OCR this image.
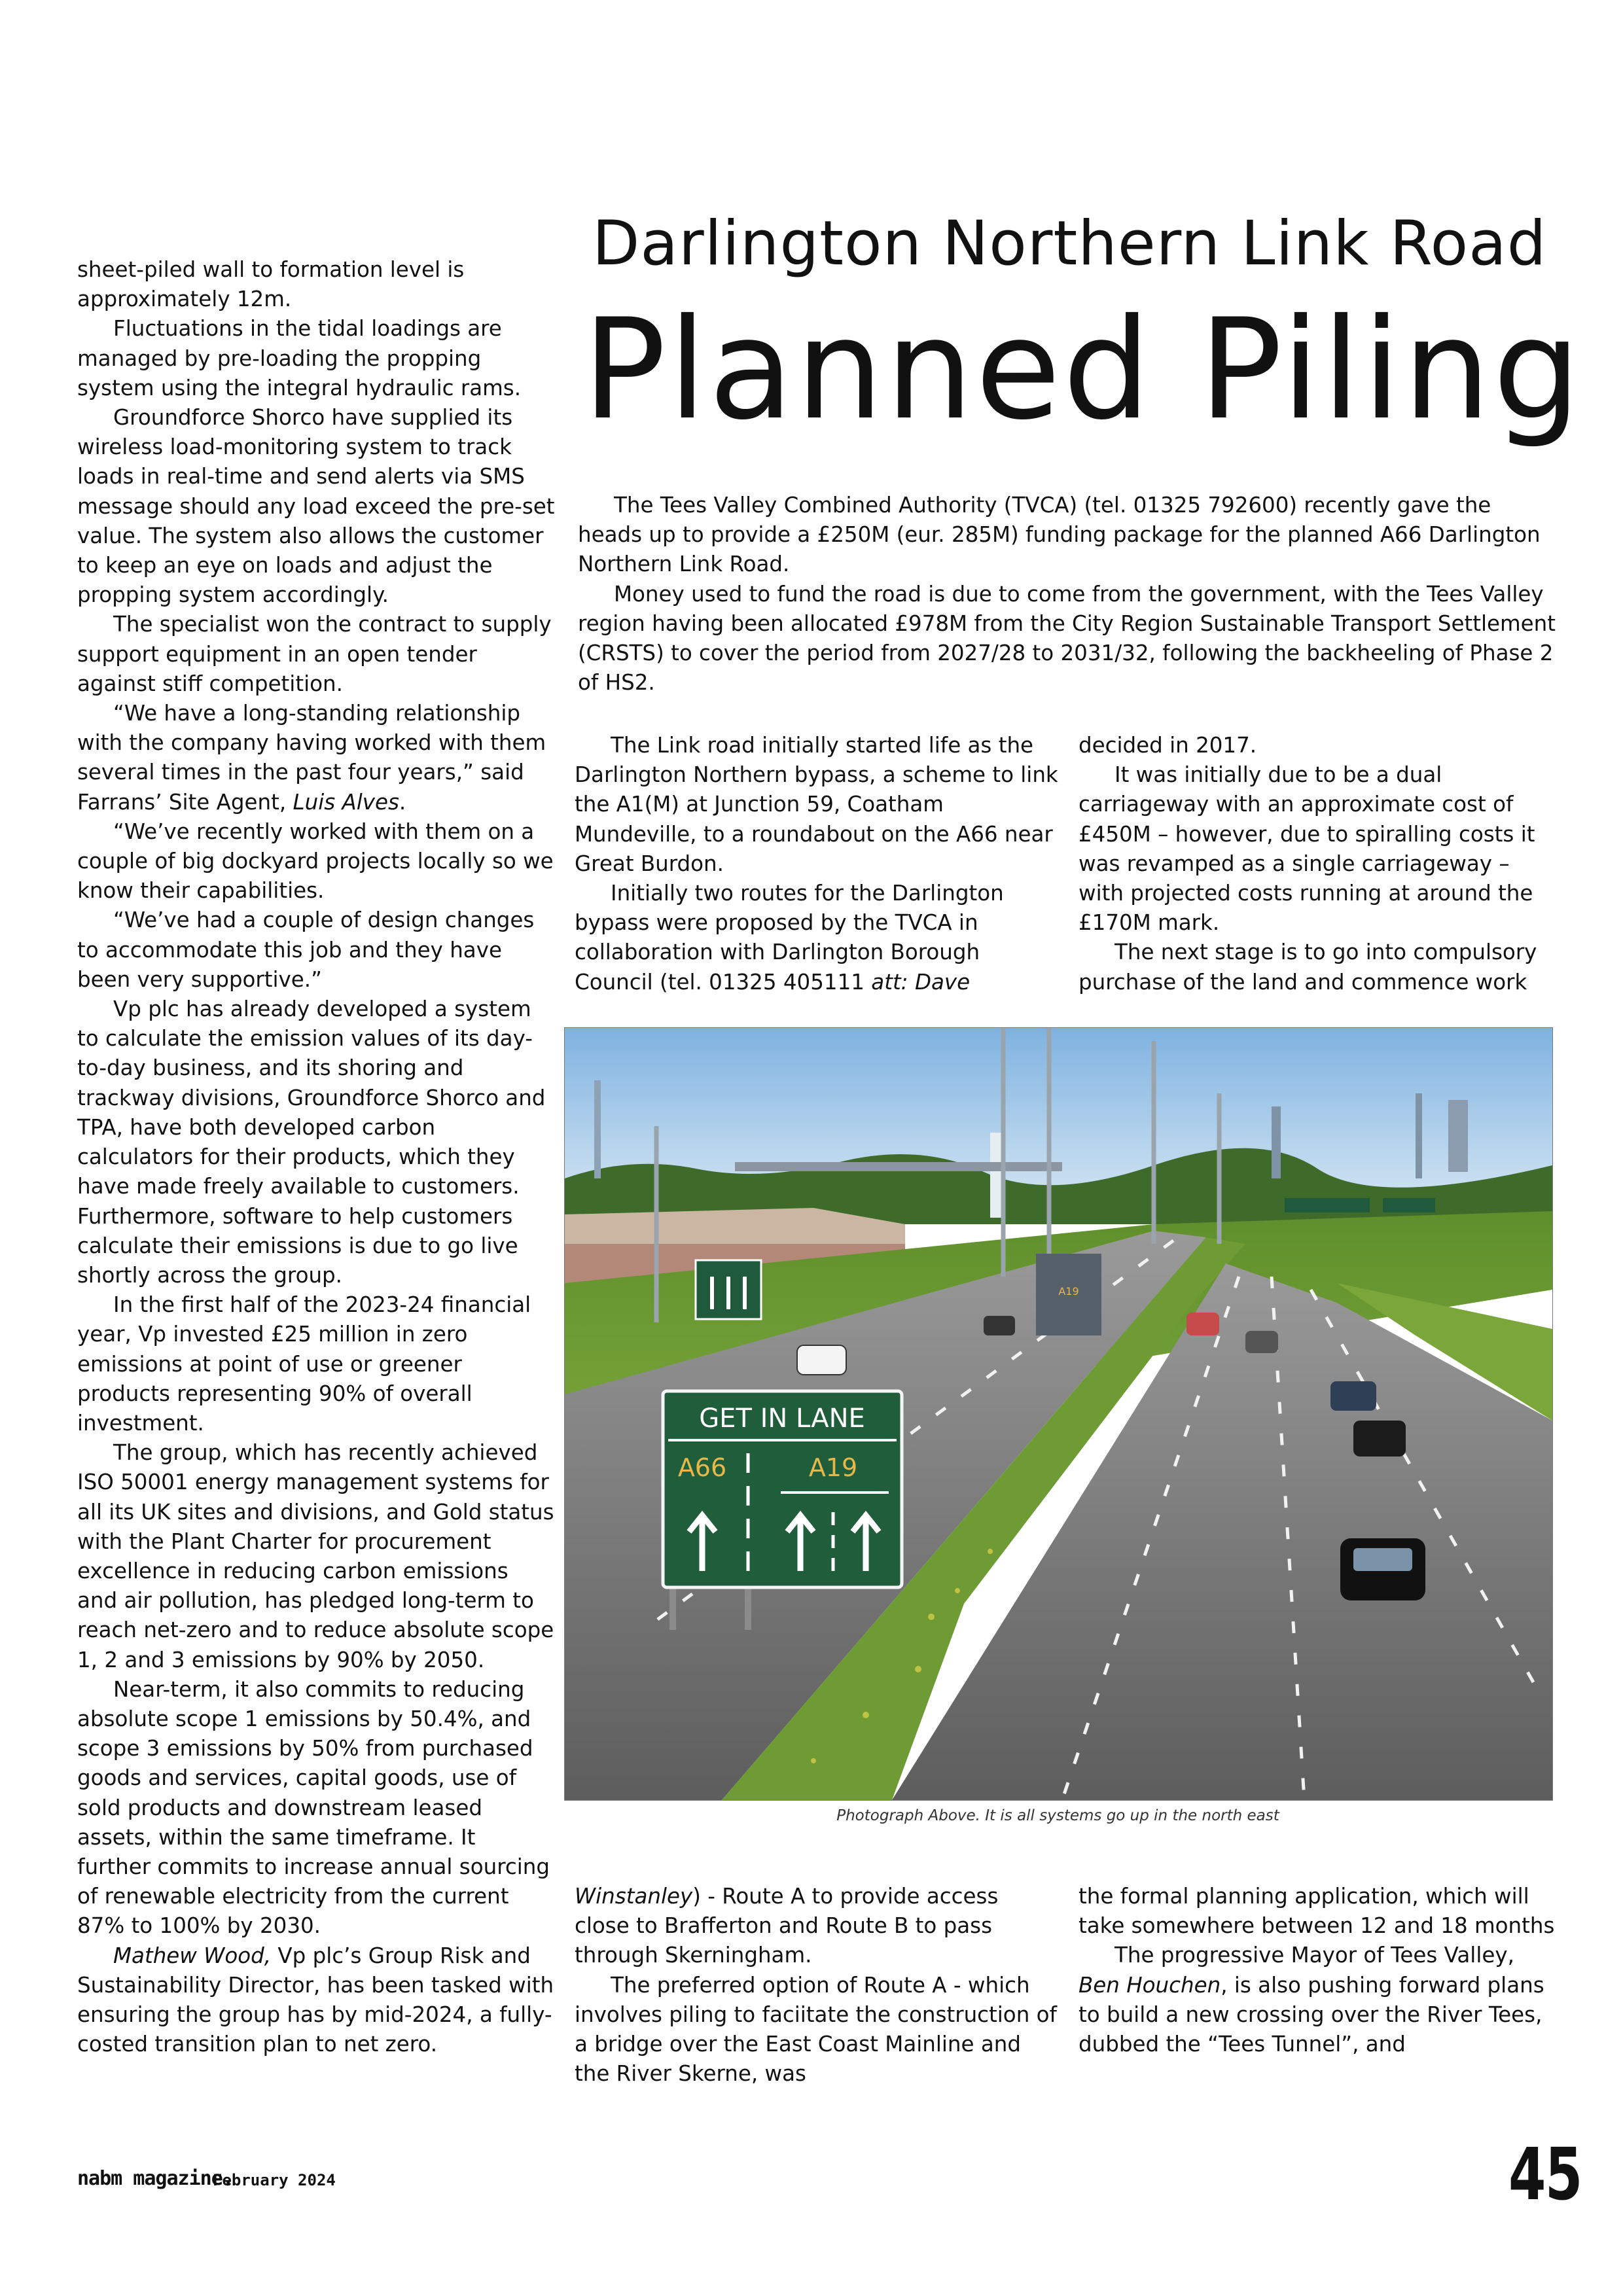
sheet-piled wall to formation level is approximately 12m.

Fluctuations in the tidal loadings are managed by pre-loading the propping system using the integral hydraulic rams.

Groundforce Shorco have supplied its wireless load-monitoring system to track loads in real-time and send alerts via SMS message should any load exceed the pre-set value. The system also allows the customer to keep an eye on loads and adjust the propping system accordingly.

The specialist won the contract to supply support equipment in an open tender against stiff competition.

“We have a long-standing relationship with the company having worked with them several times in the past four years,” said Farrans’ Site Agent, Luis Alves.

“We’ve recently worked with them on a couple of big dockyard projects locally so we know their capabilities.

“We’ve had a couple of design changes to accommodate this job and they have been very supportive.”

Vp plc has already developed a system to calculate the emission values of its day-to-day business, and its shoring and trackway divisions, Groundforce Shorco and TPA, have both developed carbon calculators for their products, which they have made freely available to customers. Furthermore, software to help customers calculate their emissions is due to go live shortly across the group.

In the first half of the 2023-24 financial year, Vp invested £25 million in zero emissions at point of use or greener products representing 90% of overall investment.

The group, which has recently achieved ISO 50001 energy management systems for all its UK sites and divisions, and Gold status with the Plant Charter for procurement excellence in reducing carbon emissions and air pollution, has pledged long-term to reach net-zero and to reduce absolute scope 1, 2 and 3 emissions by 90% by 2050.

Near-term, it also commits to reducing absolute scope 1 emissions by 50.4%, and scope 3 emissions by 50% from purchased goods and services, capital goods, use of sold products and downstream leased assets, within the same timeframe. It further commits to increase annual sourcing of renewable electricity from the current 87% to 100% by 2030.

Mathew Wood, Vp plc’s Group Risk and Sustainability Director, has been tasked with ensuring the group has by mid-2024, a fully-costed transition plan to net zero.

Darlington Northern Link Road
Planned Piling

The Tees Valley Combined Authority (TVCA) (tel. 01325 792600) recently gave the heads up to provide a £250M (eur. 285M) funding package for the planned A66 Darlington Northern Link Road.

Money used to fund the road is due to come from the government, with the Tees Valley region having been allocated £978M from the City Region Sustainable Transport Settlement (CRSTS) to cover the period from 2027/28 to 2031/32, following the backheeling of Phase 2 of HS2.

The Link road initially started life as the Darlington Northern bypass, a scheme to link the A1(M) at Junction 59, Coatham Mundeville, to a roundabout on the A66 near Great Burdon.

Initially two routes for the Darlington bypass were proposed by the TVCA in collaboration with Darlington Borough Council (tel. 01325 405111 att: Dave

decided in 2017.

It was initially due to be a dual carriageway with an approximate cost of £450M – however, due to spiralling costs it was revamped as a single carriageway – with projected costs running at around the £170M mark.

The next stage is to go into compulsory purchase of the land and commence work

A19
GET IN LANE
A66	A19
Photograph Above. It is all systems go up in the north east

Winstanley) - Route A to provide access close to Brafferton and Route B to pass through Skerningham.

The preferred option of Route A - which involves piling to faciitate the construction of a bridge over the East Coast Mainline and the River Skerne, was

the formal planning application, which will take somewhere between 12 and 18 months

The progressive Mayor of Tees Valley, Ben Houchen, is also pushing forward plans to build a new crossing over the River Tees, dubbed the “Tees Tunnel”, and

nabm magazine.
February 2024	45
